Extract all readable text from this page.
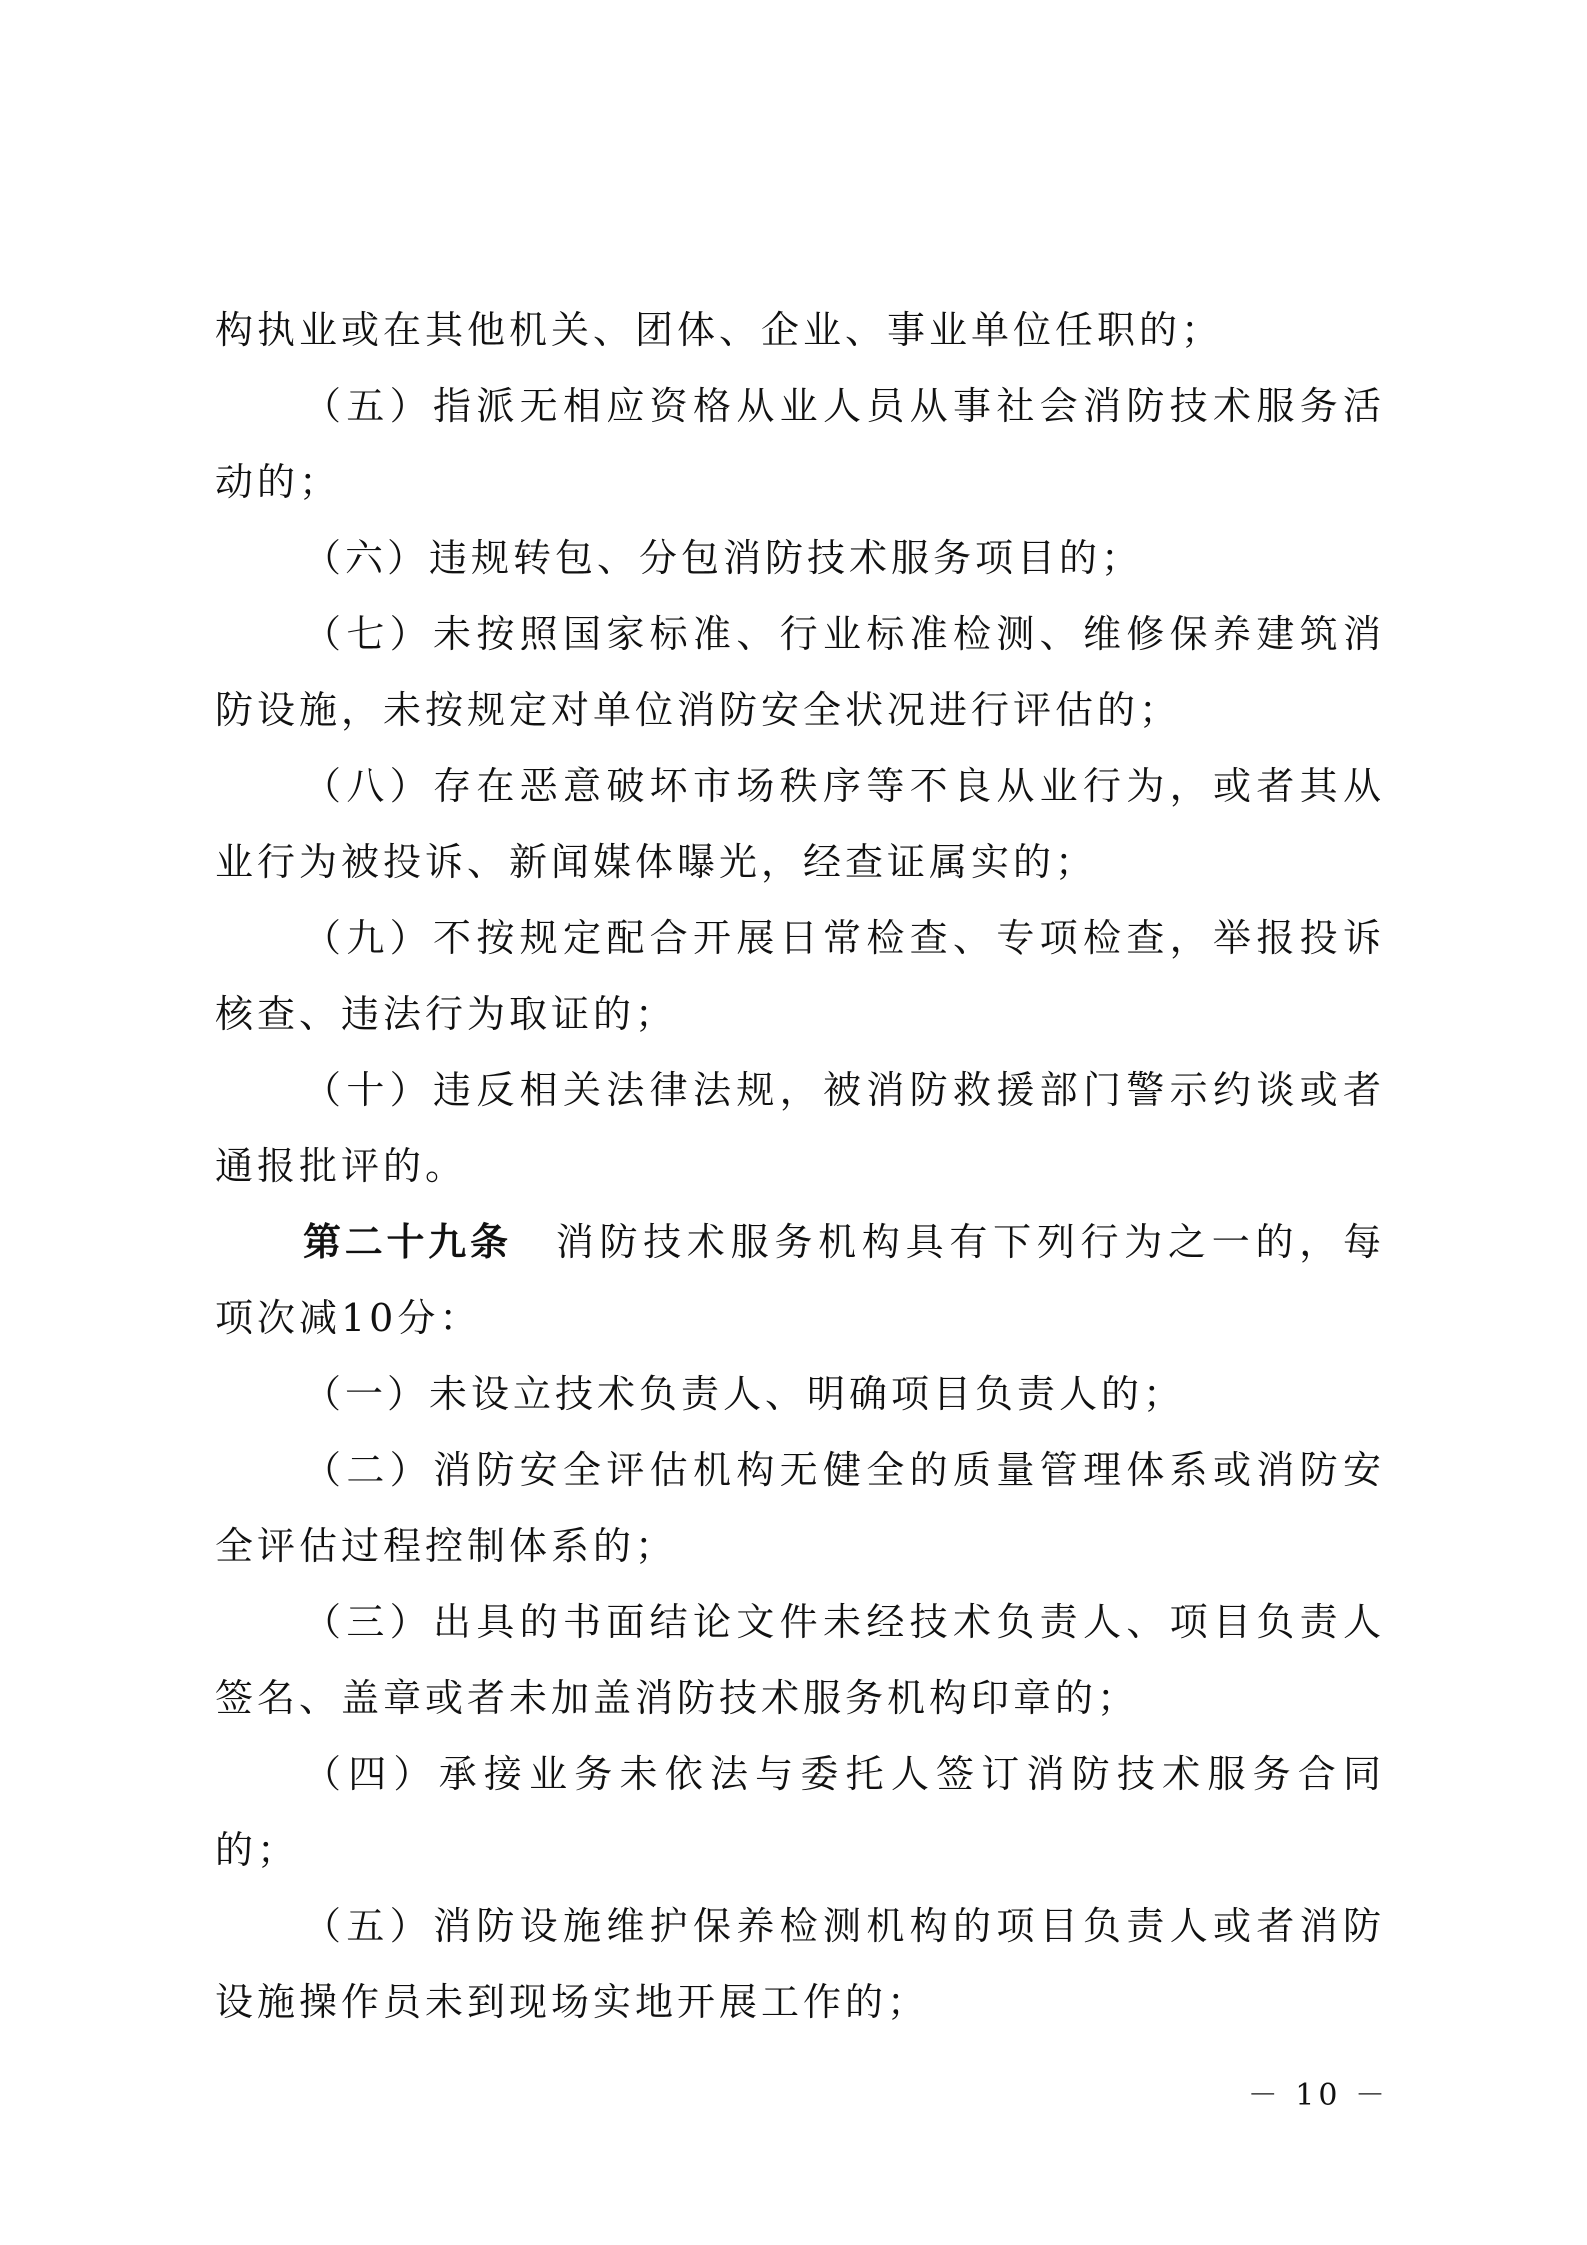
构执业或在其他机关、团体、企业、事业单位任职的；

（五）指派无相应资格从业人员从事社会消防技术服务活动的；

（六）违规转包、分包消防技术服务项目的；

（七）未按照国家标准、行业标准检测、维修保养建筑消防设施，未按规定对单位消防安全状况进行评估的；

（八）存在恶意破坏市场秩序等不良从业行为，或者其从业行为被投诉、新闻媒体曝光，经查证属实的；

（九）不按规定配合开展日常检查、专项检查，举报投诉核查、违法行为取证的；

（十）违反相关法律法规，被消防救援部门警示约谈或者通报批评的。

第二十九条 消防技术服务机构具有下列行为之一的，每项次减10分：

（一）未设立技术负责人、明确项目负责人的；

（二）消防安全评估机构无健全的质量管理体系或消防安全评估过程控制体系的；

（三）出具的书面结论文件未经技术负责人、项目负责人签名、盖章或者未加盖消防技术服务机构印章的；

（四）承接业务未依法与委托人签订消防技术服务合同的；

（五）消防设施维护保养检测机构的项目负责人或者消防设施操作员未到现场实地开展工作的；

－ 10 －
